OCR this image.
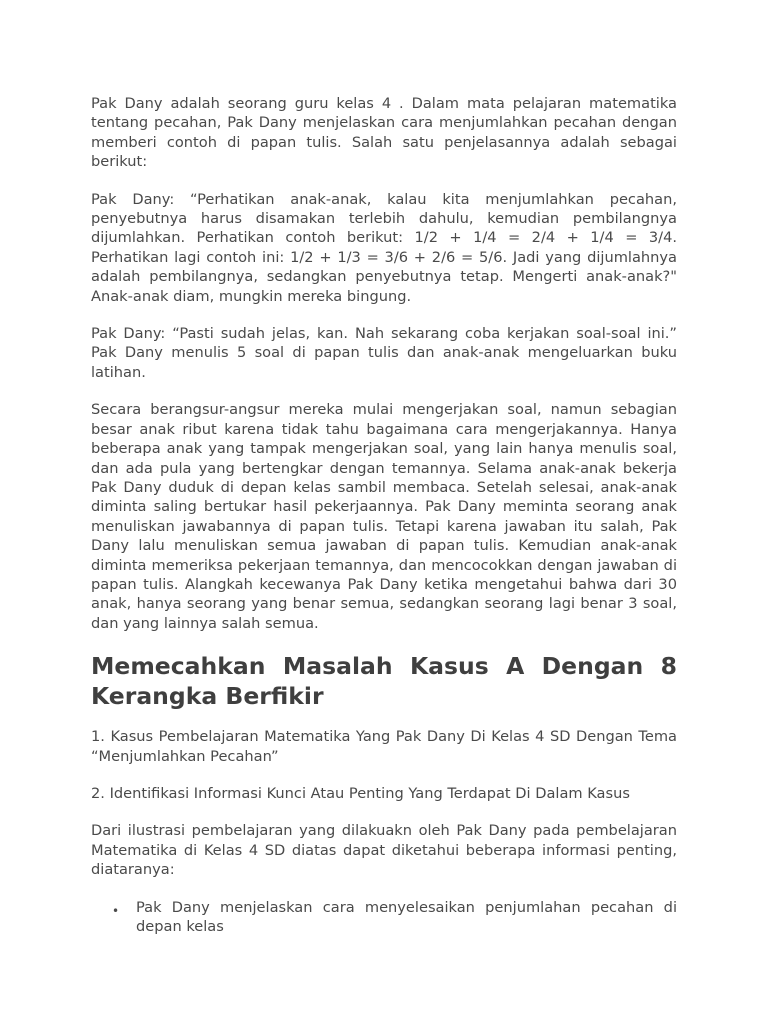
Pak Dany adalah seorang guru kelas 4 . Dalam mata pelajaran matematika tentang pecahan, Pak Dany menjelaskan cara menjumlahkan pecahan dengan memberi contoh di papan tulis. Salah satu penjelasannya adalah sebagai berikut:

Pak Dany: “Perhatikan anak-anak, kalau kita menjumlahkan pecahan, penyebutnya harus disamakan terlebih dahulu, kemudian pembilangnya dijumlahkan. Perhatikan contoh berikut: 1/2 + 1/4 = 2/4 + 1/4 = 3/4. Perhatikan lagi contoh ini: 1/2 + 1/3 = 3/6 + 2/6 = 5/6. Jadi yang dijumlahnya adalah pembilangnya, sedangkan penyebutnya tetap. Mengerti anak-anak?" Anak-anak diam, mungkin mereka bingung.

Pak Dany: “Pasti sudah jelas, kan. Nah sekarang coba kerjakan soal-soal ini.” Pak Dany menulis 5 soal di papan tulis dan anak-anak mengeluarkan buku latihan.

Secara berangsur-angsur mereka mulai mengerjakan soal, namun sebagian besar anak ribut karena tidak tahu bagaimana cara mengerjakannya. Hanya beberapa anak yang tampak mengerjakan soal, yang lain hanya menulis soal, dan ada pula yang bertengkar dengan temannya. Selama anak-anak bekerja Pak Dany duduk di depan kelas sambil membaca. Setelah selesai, anak-anak diminta saling bertukar hasil pekerjaannya. Pak Dany meminta seorang anak menuliskan jawabannya di papan tulis. Tetapi karena jawaban itu salah, Pak Dany lalu menuliskan semua jawaban di papan tulis. Kemudian anak-anak diminta memeriksa pekerjaan temannya, dan mencocokkan dengan jawaban di papan tulis. Alangkah kecewanya Pak Dany ketika mengetahui bahwa dari 30 anak, hanya seorang yang benar semua, sedangkan seorang lagi benar 3 soal, dan yang lainnya salah semua.

Memecahkan Masalah Kasus A Dengan 8 Kerangka Berfikir

1. Kasus Pembelajaran Matematika Yang Pak Dany Di Kelas 4 SD Dengan Tema “Menjumlahkan Pecahan”

2. Identifikasi Informasi Kunci Atau Penting Yang Terdapat Di Dalam Kasus

Dari ilustrasi pembelajaran yang dilakuakn oleh Pak Dany pada pembelajaran Matematika di Kelas 4 SD diatas dapat diketahui beberapa informasi penting, diataranya:

• Pak Dany menjelaskan cara menyelesaikan penjumlahan pecahan di depan kelas
